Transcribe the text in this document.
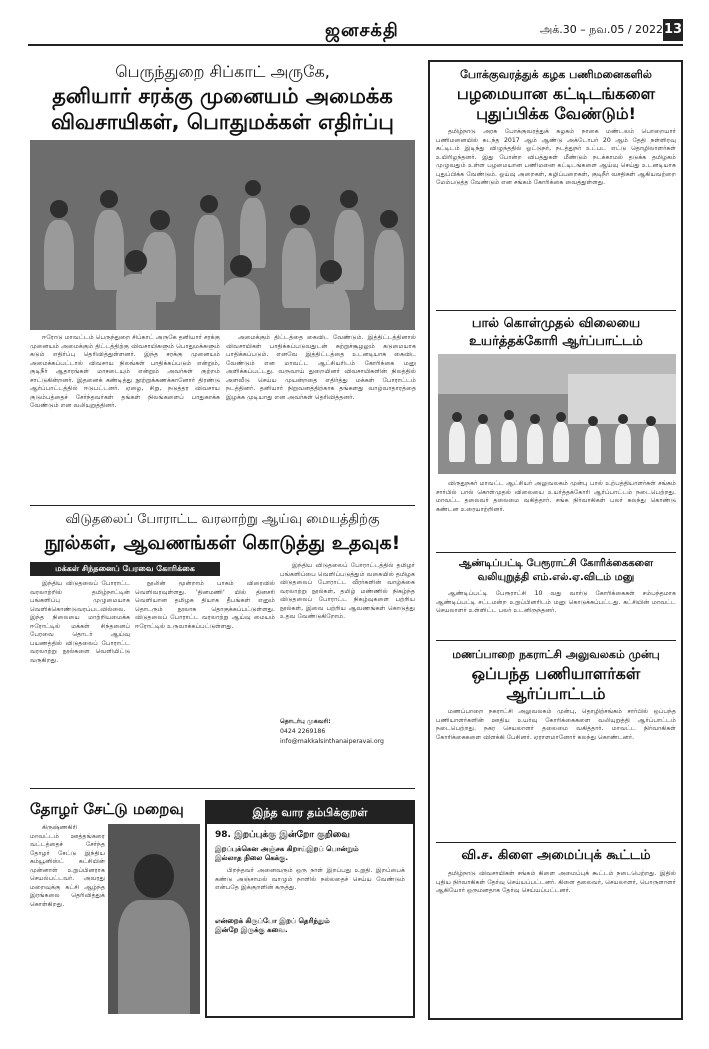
ஜனசக்தி	அக்.30 – நவ.05 / 2022 13
பெருந்துறை சிப்காட் அருகே,
தனியார் சரக்கு முனையம் அமைக்க
விவசாயிகள், பொதுமக்கள் எதிர்ப்பு

ஈரோடு மாவட்டம் பெருந்துறை சிப்காட் அருகே தனியார் சரக்கு முனையம் அமைக்கும் திட்டத்திற்கு விவசாயிகளும் பொதுமக்களும் கடும் எதிர்ப்பு தெரிவித்துள்ளனர். இந்த சரக்கு முனையம் அமைக்கப்பட்டால் விவசாய நிலங்கள் பாதிக்கப்படும் என்றும், குடிநீர் ஆதாரங்கள் மாசடையும் என்றும் அவர்கள் குற்றம் சாட்டுகின்றனர். இதனைக் கண்டித்து நூற்றுக்கணக்கானோர் திரண்டு ஆர்ப்பாட்டத்தில் ஈடுபட்டனர். ஏழை, சிறு, நடுத்தர விவசாய குடும்பத்தைச் சேர்ந்தவர்கள் தங்கள் நிலங்களைப் பாதுகாக்க வேண்டும் என வலியுறுத்தினர்.

அமைக்கும் திட்டத்தை கைவிட வேண்டும். இத்திட்டத்தினால் விவசாயிகள் பாதிக்கப்படுவதுடன் சுற்றுச்சூழலும் கடுமையாக பாதிக்கப்படும். எனவே இத்திட்டத்தை உடனடியாக கைவிட வேண்டும் என மாவட்ட ஆட்சியரிடம் கோரிக்கை மனு அளிக்கப்பட்டது. வருவாய் துறையினர் விவசாயிகளின் நிலத்தில் அளவீடு செய்ய முயன்றதை எதிர்த்து மக்கள் போராட்டம் நடத்தினர். தனியார் நிறுவனத்திற்காக தங்களது வாழ்வாதாரத்தை இழக்க முடியாது என அவர்கள் தெரிவித்தனர்.

விடுதலைப் போராட்ட வரலாற்று ஆய்வு மையத்திற்கு
நூல்கள், ஆவணங்கள் கொடுத்து உதவுக!
மக்கள் சிந்தனைப் பேரவை கோரிக்கை

இந்திய விடுதலைப் போராட்ட வரலாற்றில் தமிழ்நாட்டின் பங்களிப்பு முழுமையாக வெளிக்கொண்டுவரப்படவில்லை. இந்த நிலையை மாற்றியமைக்க ஈரோட்டில் மக்கள் சிந்தனைப் பேரவை தொடர் ஆய்வு பயணத்தில் விடுதலைப் போராட்ட வரலாற்று நூல்களை வெளியிட்டு வருகிறது.

நூலின் மூன்றாம் பாகம் விரைவில் வெளிவரவுள்ளது. 'தினமணி' யில் தினசரி வெளியான தமிழக தியாக தீபங்கள் எனும் தொடரும் நூலாக தொகுக்கப்பட்டுள்ளது. விடுதலைப் போராட்ட வரலாற்று ஆய்வு மையம் ஈரோட்டில் உருவாக்கப்பட்டுள்ளது.

இந்திய விடுதலைப் போராட்டத்தில் தமிழர் பங்களிப்பை வெளிப்படுத்தும் வகையில் தமிழக விடுதலைப் போராட்ட வீரர்களின் வாழ்க்கை வரலாற்று நூல்கள், தமிழ் மண்ணில் நிகழ்ந்த விடுதலைப் போராட்ட நிகழ்வுகளை பற்றிய நூல்கள், இவை பற்றிய ஆவணங்கள் கொடுத்து உதவ வேண்டுகிறோம்.

தொடர்பு முகவரி:
0424 2269186
info@makkalsinthanaiperavai.org
தோழர் சேட்டு மறைவு

கிருஷ்ணகிரி மாவட்டம் ஊத்தங்கரை வட்டத்தைச் சேர்ந்த தோழர் சேட்டு இந்திய கம்யூனிஸ்ட் கட்சியின் முன்னாள் உறுப்பினராக செயல்பட்டவர். அவரது மறைவுக்கு கட்சி ஆழ்ந்த இரங்கலை தெரிவித்துக் கொள்கிறது.

இந்த வார தம்பிக்குறள்
98. இறப்புக்கு இன்றோ குறிவை
இறப்புக்கென அஞ்சக கிறாய்இறப் பொன்றும்
இல்லாத நிலை கெக்கு.

பிறந்தவர் அனைவரும் ஒரு நாள் இறப்பது உறுதி. இறப்பைக் கண்டு அஞ்சாமல் வாழும் நாளில் நல்லதைச் செய்ய வேண்டும் என்பதே இக்குறளின் கருத்து.

என்றைக் கிருப்போ இறப் தெரிந்தும்
இன்றே இருக்கு கவை.
போக்குவரத்துக் கழக பணிமனைகளில்
பழமையான கட்டிடங்களை
புதுப்பிக்க வேண்டும்!

தமிழ்நாடு அரசு போக்குவரத்துக் கழகம் நாகை மண்டலம் பொறையார் பணிமனையில் கடந்த 2017 ஆம் ஆண்டு அக்டோபர் 20 ஆம் தேதி நள்ளிரவு கட்டிடம் இடிந்து விழுந்ததில் ஓட்டுநர், நடத்துநர் உட்பட எட்டு தொழிலாளர்கள் உயிரிழந்தனர். இது போன்ற விபத்துகள் மீண்டும் நடக்காமல் தடுக்க தமிழகம் முழுவதும் உள்ள பழமையான பணிமனை கட்டிடங்களை ஆய்வு செய்து உடனடியாக புதுப்பிக்க வேண்டும். ஓய்வு அறைகள், கழிப்பறைகள், குடிநீர் வசதிகள் ஆகியவற்றை மேம்படுத்த வேண்டும் என சங்கம் கோரிக்கை வைத்துள்ளது.

பால் கொள்முதல் விலையை
உயர்த்தக்கோரி ஆர்ப்பாட்டம்

விருதுநகர் மாவட்ட ஆட்சியர் அலுவலகம் முன்பு பால் உற்பத்தியாளர்கள் சங்கம் சார்பில் பால் கொள்முதல் விலையை உயர்த்தக்கோரி ஆர்ப்பாட்டம் நடைபெற்றது. மாவட்ட தலைவர் தலைமை வகித்தார். சங்க நிர்வாகிகள் பலர் கலந்து கொண்டு கண்டன உரையாற்றினர்.

ஆண்டிப்பட்டி பேரூராட்சி கோரிக்கைகளை
வலியுறுத்தி எம்.எல்.ஏ.விடம் மனு

ஆண்டிப்பட்டி பேரூராட்சி 10 வது வார்டு கோரிக்கைகள் சம்பந்தமாக ஆண்டிப்பட்டி சட்டமன்ற உறுப்பினரிடம் மனு கொடுக்கப்பட்டது. கட்சியின் மாவட்ட செயலாளர் உள்ளிட்ட பலர் உடனிருந்தனர்.

மணப்பாறை நகராட்சி அலுவலகம் முன்பு
ஒப்பந்த பணியாளர்கள்
ஆர்ப்பாட்டம்

மணப்பாறை நகராட்சி அலுவலகம் முன்பு, தொழிற்சங்கம் சார்பில் ஒப்பந்த பணியாளர்களின் ஊதிய உயர்வு கோரிக்கைகளை வலியுறுத்தி ஆர்ப்பாட்டம் நடைபெற்றது. நகர செயலாளர் தலைமை வகித்தார். மாவட்ட நிர்வாகிகள் கோரிக்கைகளை விளக்கி பேசினர். ஏராளமானோர் கலந்து கொண்டனர்.

வி.ச. கிளை அமைப்புக் கூட்டம்

தமிழ்நாடு விவசாயிகள் சங்கம் கிளை அமைப்புக் கூட்டம் நடைபெற்றது. இதில் புதிய நிர்வாகிகள் தேர்வு செய்யப்பட்டனர். கிளை தலைவர், செயலாளர், பொருளாளர் ஆகியோர் ஒருமனதாக தேர்வு செய்யப்பட்டனர்.
